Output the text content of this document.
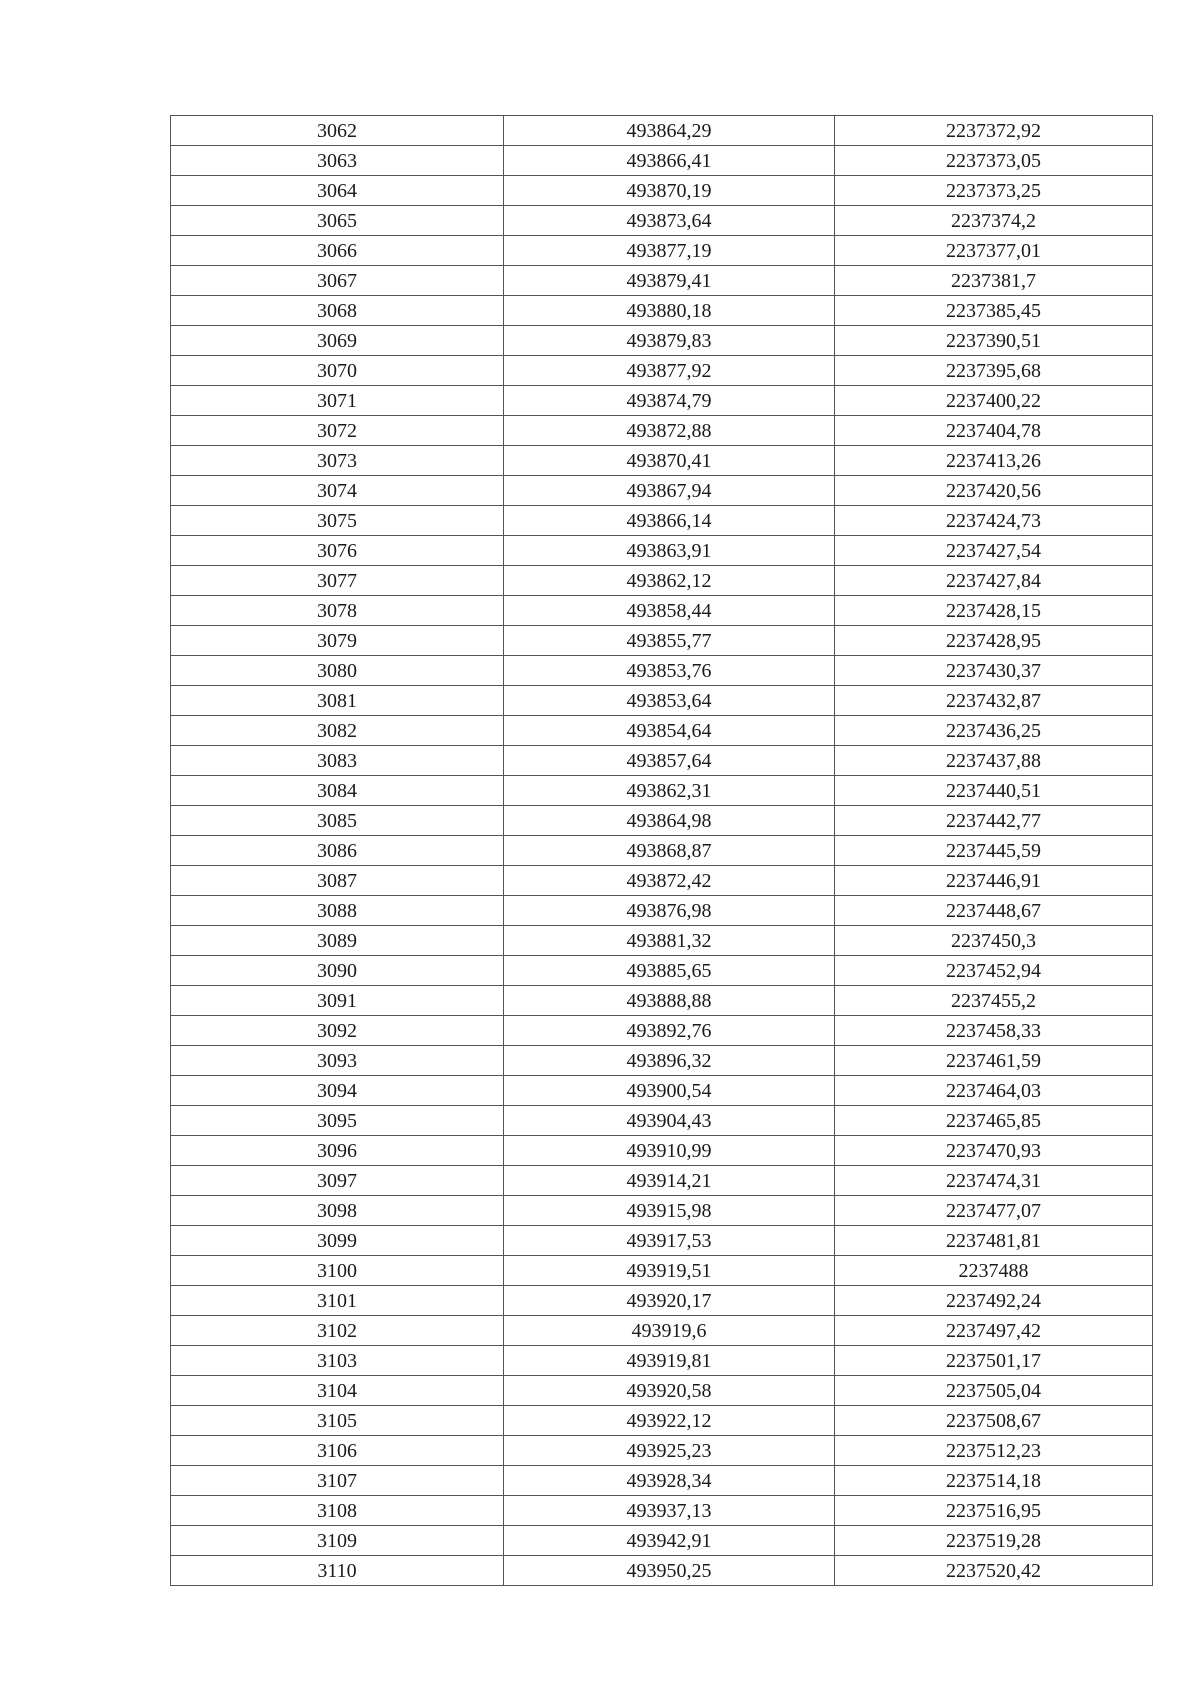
3062	493864,29	2237372,92
3063	493866,41	2237373,05
3064	493870,19	2237373,25
3065	493873,64	2237374,2
3066	493877,19	2237377,01
3067	493879,41	2237381,7
3068	493880,18	2237385,45
3069	493879,83	2237390,51
3070	493877,92	2237395,68
3071	493874,79	2237400,22
3072	493872,88	2237404,78
3073	493870,41	2237413,26
3074	493867,94	2237420,56
3075	493866,14	2237424,73
3076	493863,91	2237427,54
3077	493862,12	2237427,84
3078	493858,44	2237428,15
3079	493855,77	2237428,95
3080	493853,76	2237430,37
3081	493853,64	2237432,87
3082	493854,64	2237436,25
3083	493857,64	2237437,88
3084	493862,31	2237440,51
3085	493864,98	2237442,77
3086	493868,87	2237445,59
3087	493872,42	2237446,91
3088	493876,98	2237448,67
3089	493881,32	2237450,3
3090	493885,65	2237452,94
3091	493888,88	2237455,2
3092	493892,76	2237458,33
3093	493896,32	2237461,59
3094	493900,54	2237464,03
3095	493904,43	2237465,85
3096	493910,99	2237470,93
3097	493914,21	2237474,31
3098	493915,98	2237477,07
3099	493917,53	2237481,81
3100	493919,51	2237488
3101	493920,17	2237492,24
3102	493919,6	2237497,42
3103	493919,81	2237501,17
3104	493920,58	2237505,04
3105	493922,12	2237508,67
3106	493925,23	2237512,23
3107	493928,34	2237514,18
3108	493937,13	2237516,95
3109	493942,91	2237519,28
3110	493950,25	2237520,42
